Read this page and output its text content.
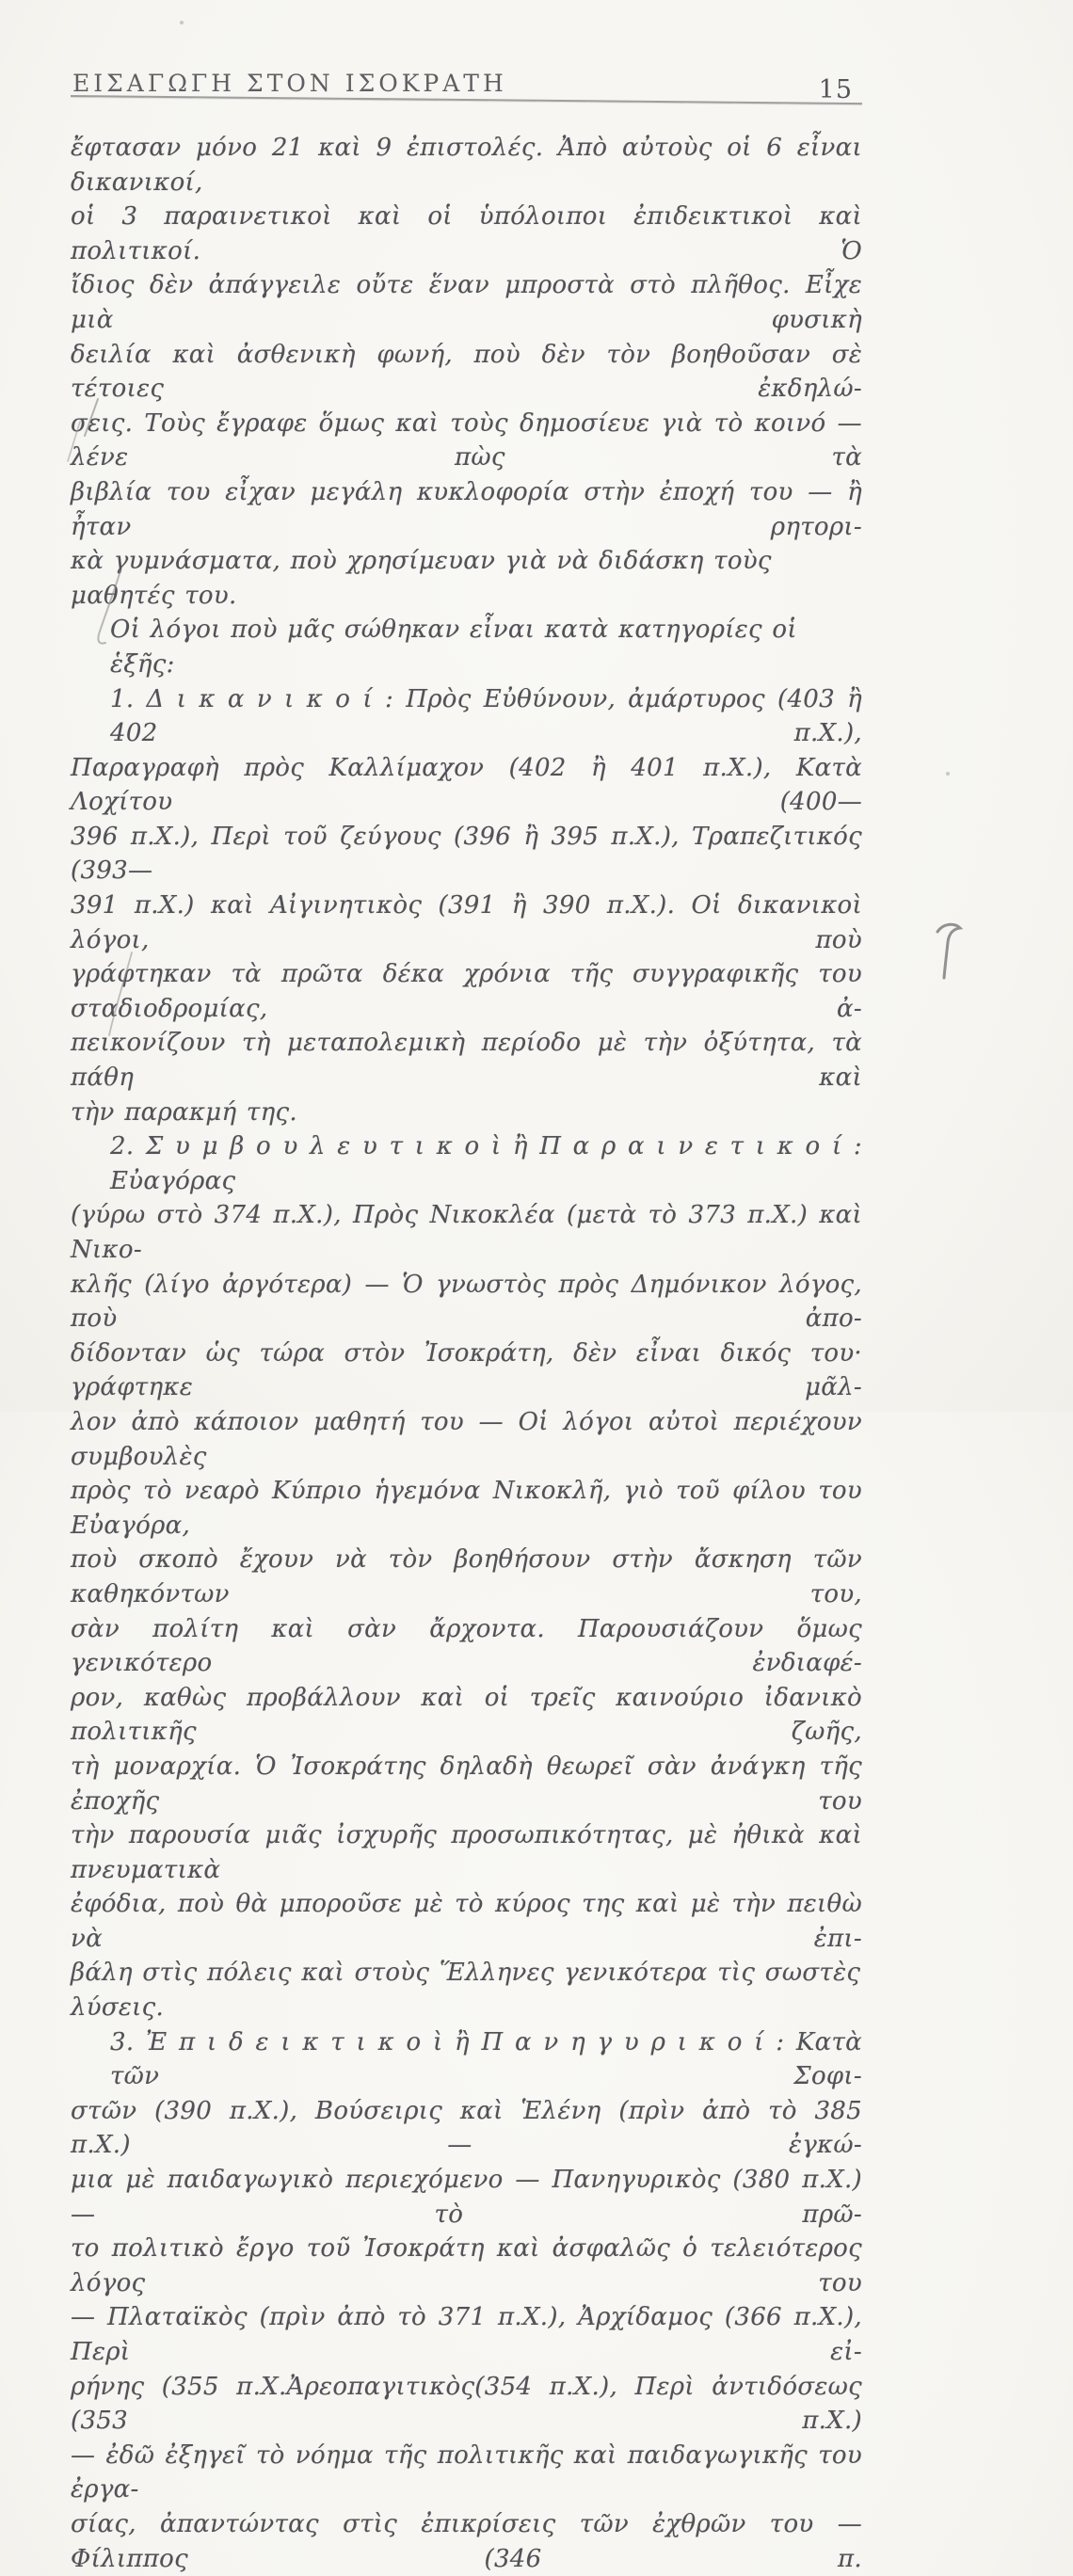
ΕΙΣΑΓΩΓΗ ΣΤΟΝ ΙΣΟΚΡΑΤΗ	15
ἔφτασαν μόνο 21 καὶ 9 ἐπιστολές. Ἀπὸ αὐτοὺς οἱ 6 εἶναι δικανικοί,
οἱ 3 παραινετικοὶ καὶ οἱ ὑπόλοιποι ἐπιδεικτικοὶ καὶ πολιτικοί. Ὁ
ἴδιος δὲν ἀπάγγειλε οὔτε ἕναν μπροστὰ στὸ πλῆθος. Εἶχε μιὰ φυσικὴ
δειλία καὶ ἀσθενικὴ φωνή, ποὺ δὲν τὸν βοηθοῦσαν σὲ τέτοιες ἐκδηλώ-
σεις. Τοὺς ἔγραφε ὅμως καὶ τοὺς δημοσίευε γιὰ τὸ κοινό — λένε πὼς τὰ
βιβλία του εἶχαν μεγάλη κυκλοφορία στὴν ἐποχή του — ἢ ἦταν ρητορι-
κὰ γυμνάσματα, ποὺ χρησίμευαν γιὰ νὰ διδάσκη τοὺς μαθητές του.
Οἱ λόγοι ποὺ μᾶς σώθηκαν εἶναι κατὰ κατηγορίες οἱ ἑξῆς:
1. Δ ι κ α ν ι κ ο ί : Πρὸς Εὐθύνουν, ἀμάρτυρος (403 ἢ 402 π.Χ.),
Παραγραφὴ πρὸς Καλλίμαχον (402 ἢ 401 π.Χ.), Κατὰ Λοχίτου (400—
396 π.Χ.), Περὶ τοῦ ζεύγους (396 ἢ 395 π.Χ.), Τραπεζιτικός (393—
391 π.Χ.) καὶ Αἰγινητικὸς (391 ἢ 390 π.Χ.). Οἱ δικανικοὶ λόγοι, ποὺ
γράφτηκαν τὰ πρῶτα δέκα χρόνια τῆς συγγραφικῆς του σταδιοδρομίας, ἀ-
πεικονίζουν τὴ μεταπολεμικὴ περίοδο μὲ τὴν ὀξύτητα, τὰ πάθη καὶ
τὴν παρακμή της.
2. Σ υ μ β ο υ λ ε υ τ ι κ ο ὶ ἢ Π α ρ α ι ν ε τ ι κ ο ί : Εὐαγόρας
(γύρω στὸ 374 π.Χ.), Πρὸς Νικοκλέα (μετὰ τὸ 373 π.Χ.) καὶ Νικο-
κλῆς (λίγο ἀργότερα) — Ὁ γνωστὸς πρὸς Δημόνικον λόγος, ποὺ ἀπο-
δίδονταν ὡς τώρα στὸν Ἰσοκράτη, δὲν εἶναι δικός του· γράφτηκε μᾶλ-
λον ἀπὸ κάποιον μαθητή του — Οἱ λόγοι αὐτοὶ περιέχουν συμβουλὲς
πρὸς τὸ νεαρὸ Κύπριο ἡγεμόνα Νικοκλῆ, γιὸ τοῦ φίλου του Εὐαγόρα,
ποὺ σκοπὸ ἔχουν νὰ τὸν βοηθήσουν στὴν ἄσκηση τῶν καθηκόντων του,
σὰν πολίτη καὶ σὰν ἄρχοντα. Παρουσιάζουν ὅμως γενικότερο ἐνδιαφέ-
ρον, καθὼς προβάλλουν καὶ οἱ τρεῖς καινούριο ἰδανικὸ πολιτικῆς ζωῆς,
τὴ μοναρχία. Ὁ Ἰσοκράτης δηλαδὴ θεωρεῖ σὰν ἀνάγκη τῆς ἐποχῆς του
τὴν παρουσία μιᾶς ἰσχυρῆς προσωπικότητας, μὲ ἠθικὰ καὶ πνευματικὰ
ἐφόδια, ποὺ θὰ μποροῦσε μὲ τὸ κύρος της καὶ μὲ τὴν πειθὼ νὰ ἐπι-
βάλη στὶς πόλεις καὶ στοὺς Ἕλληνες γενικότερα τὶς σωστὲς λύσεις.
3. Ἐ π ι δ ε ι κ τ ι κ ο ὶ ἢ Π α ν η γ υ ρ ι κ ο ί : Κατὰ τῶν Σοφι-
στῶν (390 π.Χ.), Βούσειρις καὶ Ἑλένη (πρὶν ἀπὸ τὸ 385 π.Χ.) — ἐγκώ-
μια μὲ παιδαγωγικὸ περιεχόμενο — Πανηγυρικὸς (380 π.Χ.) — τὸ πρῶ-
το πολιτικὸ ἔργο τοῦ Ἰσοκράτη καὶ ἀσφαλῶς ὁ τελειότερος λόγος του
— Πλαταϊκὸς (πρὶν ἀπὸ τὸ 371 π.Χ.), Ἀρχίδαμος (366 π.Χ.), Περὶ εἰ-
ρήνης (355 π.Χ.Ἀρεοπαγιτικὸς(354 π.Χ.), Περὶ ἀντιδόσεως (353 π.Χ.)
— ἐδῶ ἐξηγεῖ τὸ νόημα τῆς πολιτικῆς καὶ παιδαγωγικῆς του ἐργα-
σίας, ἀπαντώντας στὶς ἐπικρίσεις τῶν ἐχθρῶν του — Φίλιππος (346 π.
